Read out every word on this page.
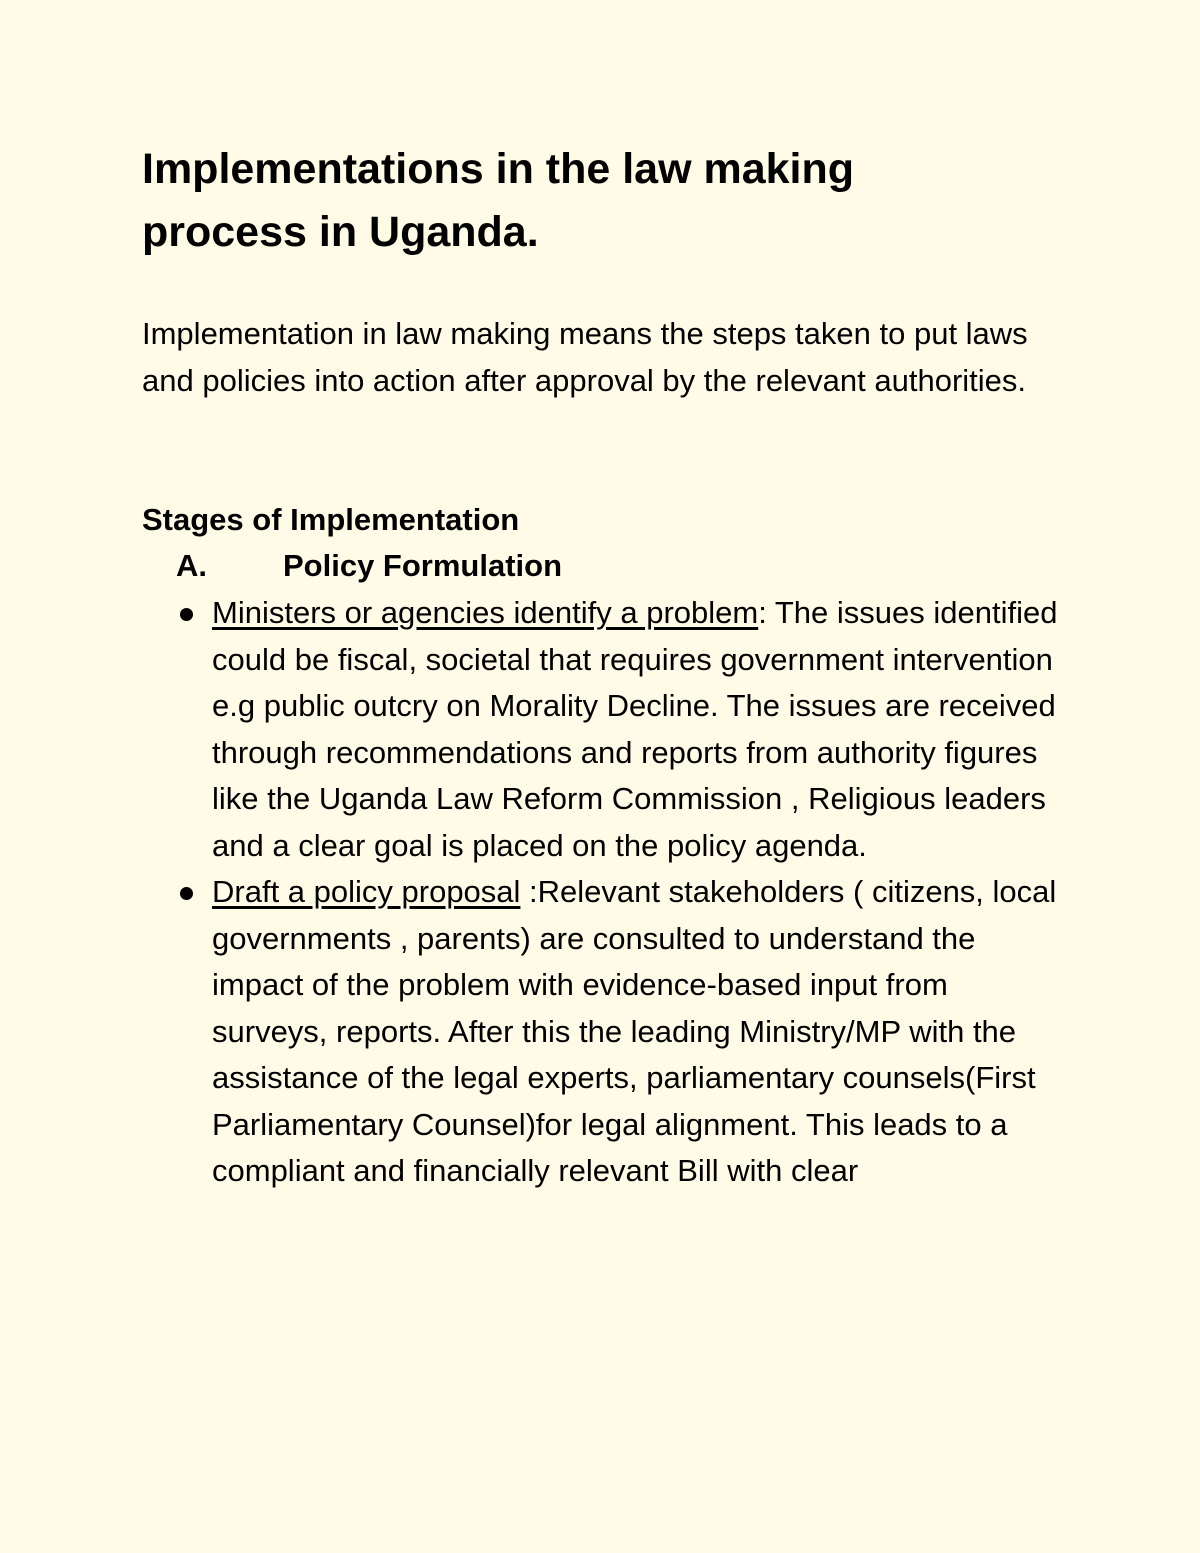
Implementations in the law making process in Uganda.

Implementation in law making means the steps taken to put laws and policies into action after approval by the relevant authorities.

Stages of Implementation
A. Policy Formulation
Ministers or agencies identify a problem: The issues identified could be fiscal, societal that requires government intervention e.g public outcry on Morality Decline. The issues are received through recommendations and reports from authority figures like the Uganda Law Reform Commission , Religious leaders and a clear goal is placed on the policy agenda.
Draft a policy proposal :Relevant stakeholders ( citizens, local governments , parents) are consulted to understand the impact of the problem with evidence-based input from surveys, reports. After this the leading Ministry/MP with the assistance of the legal experts, parliamentary counsels(First Parliamentary Counsel)for legal alignment. This leads to a compliant and financially relevant Bill with clear
